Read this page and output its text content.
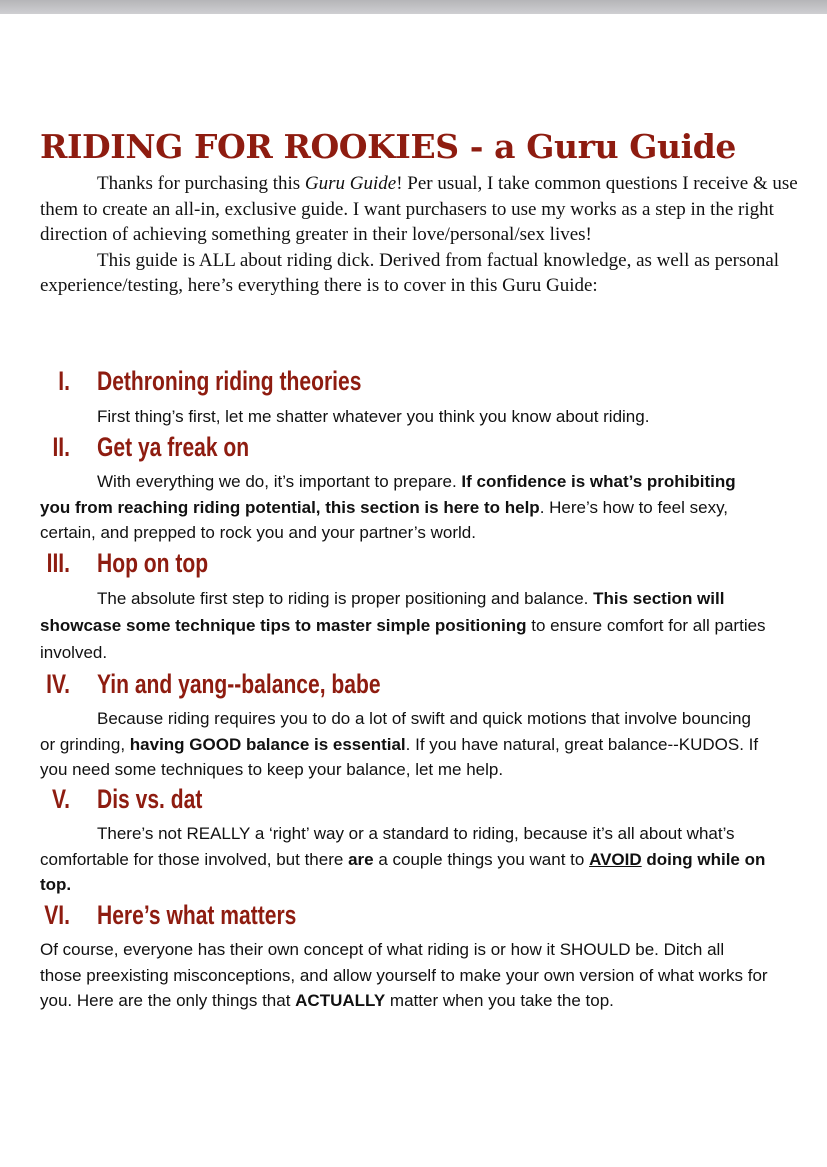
RIDING FOR ROOKIES - a Guru Guide

Thanks for purchasing this Guru Guide! Per usual, I take common questions I receive & use them to create an all-in, exclusive guide. I want purchasers to use my works as a step in the right direction of achieving something greater in their love/personal/sex lives!

This guide is ALL about riding dick. Derived from factual knowledge, as well as personal experience/testing, here’s everything there is to cover in this Guru Guide:

I. Dethroning riding theories

First thing’s first, let me shatter whatever you think you know about riding.

II. Get ya freak on

With everything we do, it’s important to prepare. If confidence is what’s prohibiting you from reaching riding potential, this section is here to help. Here’s how to feel sexy, certain, and prepped to rock you and your partner’s world.

III. Hop on top

The absolute first step to riding is proper positioning and balance. This section will showcase some technique tips to master simple positioning to ensure comfort for all parties involved.

IV. Yin and yang--balance, babe

Because riding requires you to do a lot of swift and quick motions that involve bouncing or grinding, having GOOD balance is essential. If you have natural, great balance--KUDOS. If you need some techniques to keep your balance, let me help.

V. Dis vs. dat

There’s not REALLY a ‘right’ way or a standard to riding, because it’s all about what’s comfortable for those involved, but there are a couple things you want to AVOID doing while on top.

VI. Here’s what matters

Of course, everyone has their own concept of what riding is or how it SHOULD be. Ditch all those preexisting misconceptions, and allow yourself to make your own version of what works for you. Here are the only things that ACTUALLY matter when you take the top.
